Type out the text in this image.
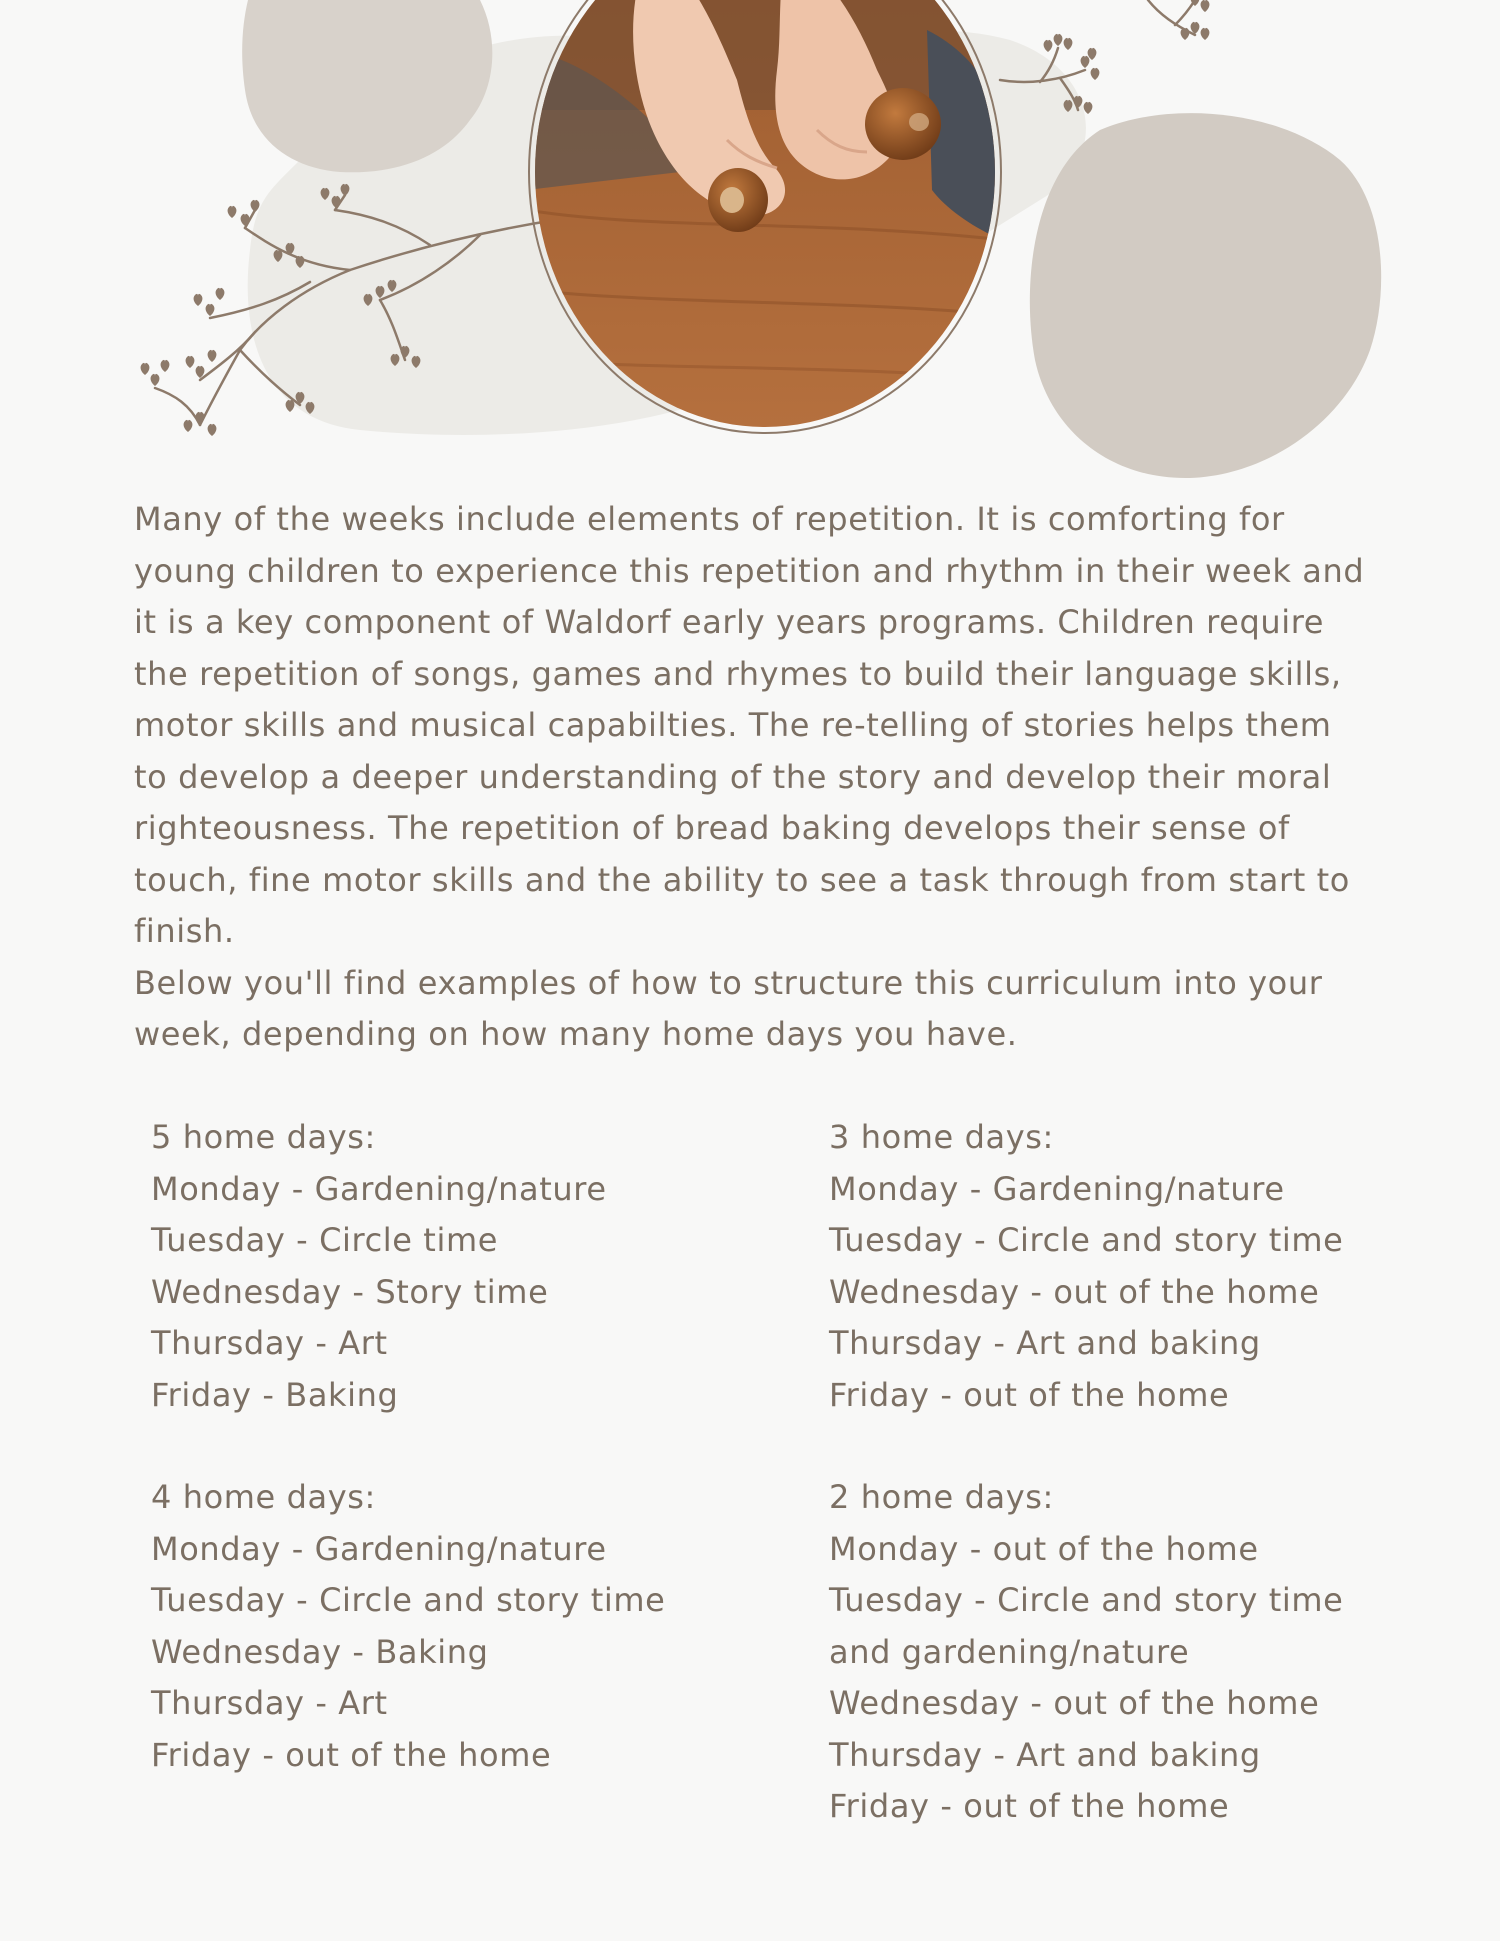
Many of the weeks include elements of repetition. It is comforting for young children to experience this repetition and rhythm in their week and it is a key component of Waldorf early years programs. Children require the repetition of songs, games and rhymes to build their language skills, motor skills and musical capabilties. The re-telling of stories helps them to develop a deeper understanding of the story and develop their moral righteousness. The repetition of bread baking develops their sense of touch, fine motor skills and the ability to see a task through from start to finish.

Below you'll find examples of how to structure this curriculum into your week, depending on how many home days you have.

5 home days:
Monday - Gardening/nature
Tuesday - Circle time
Wednesday - Story time
Thursday - Art
Friday - Baking
4 home days:
Monday - Gardening/nature
Tuesday - Circle and story time
Wednesday - Baking
Thursday - Art
Friday - out of the home
3 home days:
Monday - Gardening/nature
Tuesday - Circle and story time
Wednesday - out of the home
Thursday - Art and baking
Friday - out of the home
2 home days:
Monday - out of the home
Tuesday - Circle and story time and gardening/nature
Wednesday - out of the home
Thursday - Art and baking
Friday - out of the home
